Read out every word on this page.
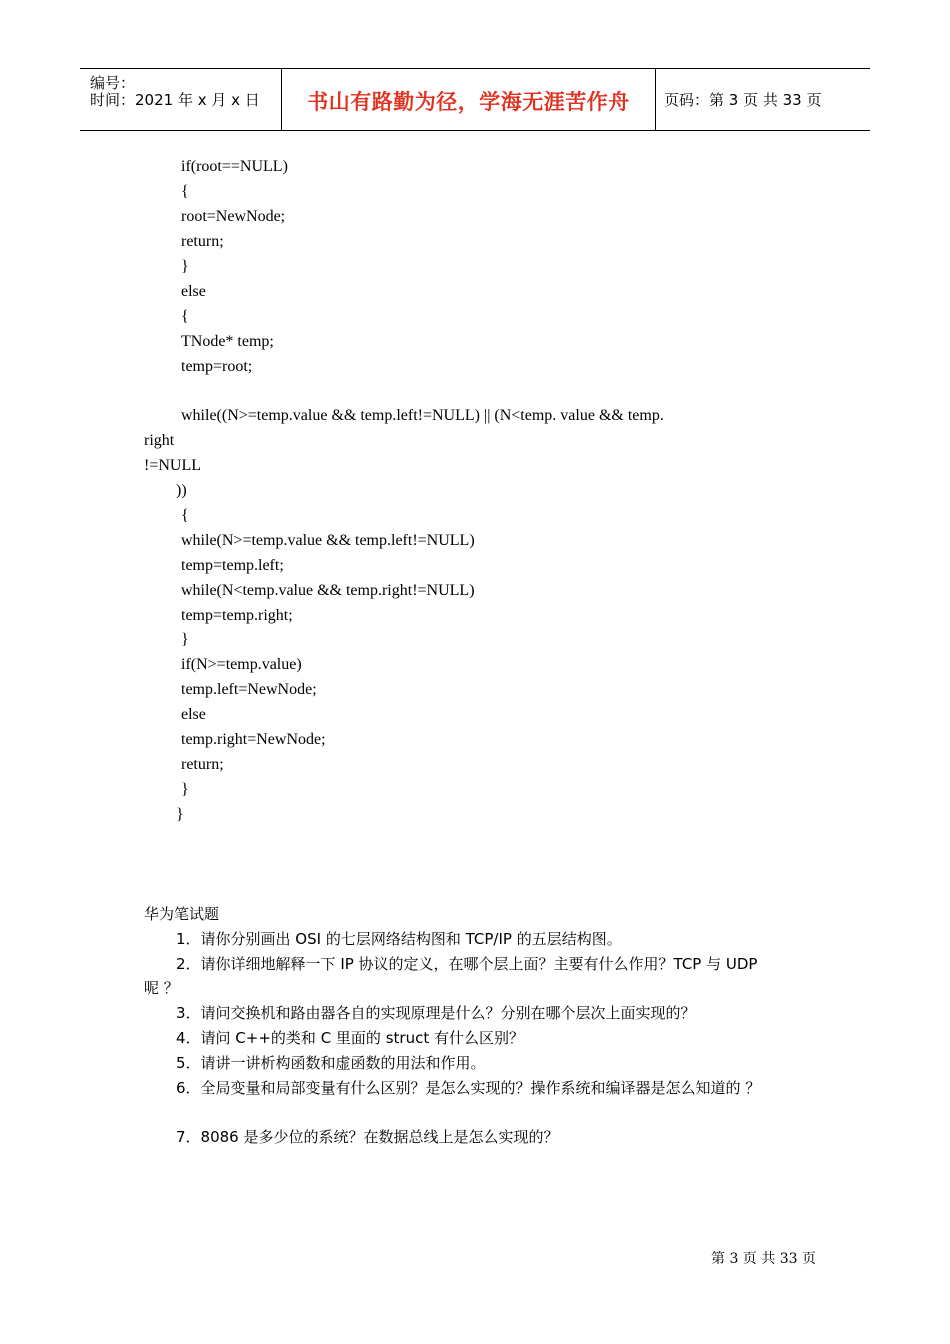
编号：
时间：2021 年 x 月 x 日	书山有路勤为径，学海无涯苦作舟	页码：第 3 页 共 33 页
if(root==NULL)
{
root=NewNode;
return;
}
else
{
TNode* temp;
temp=root;
while((N>=temp.value && temp.left!=NULL) || (N<temp. value && temp.
right
!=NULL
))
{
while(N>=temp.value && temp.left!=NULL)
temp=temp.left;
while(N<temp.value && temp.right!=NULL)
temp=temp.right;
}
if(N>=temp.value)
temp.left=NewNode;
else
temp.right=NewNode;
return;
}
}
华为笔试题
1．请你分别画出 OSI 的七层网络结构图和 TCP/IP 的五层结构图。
2．请你详细地解释一下 IP 协议的定义，在哪个层上面？主要有什么作用？TCP 与 UDP
呢 ？
3．请问交换机和路由器各自的实现原理是什么？分别在哪个层次上面实现的？
4．请问 C++的类和 C 里面的 struct 有什么区别？
5．请讲一讲析构函数和虚函数的用法和作用。
6．全局变量和局部变量有什么区别？是怎么实现的？操作系统和编译器是怎么知道的 ？
7．8086 是多少位的系统？在数据总线上是怎么实现的？
第 3 页 共 33 页
